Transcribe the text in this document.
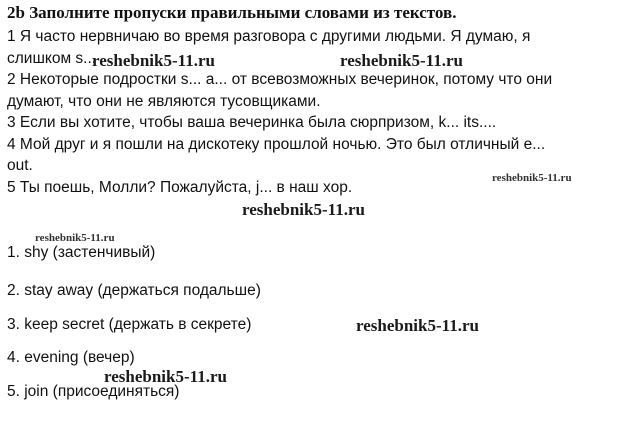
2b Заполните пропуски правильными словами из текстов.
1 Я часто нервничаю во время разговора с другими людьми. Я думаю, я
слишком s...
2 Некоторые подростки s... a... от всевозможных вечеринок, потому что они
думают, что они не являются тусовщиками.
3 Если вы хотите, чтобы ваша вечеринка была сюрпризом, k... its....
4 Мой друг и я пошли на дискотеку прошлой ночью. Это был отличный e...
out.
5 Ты поешь, Молли? Пожалуйста, j... в наш хор.
1. shy (застенчивый)
2. stay away (держаться подальше)
3. keep secret (держать в секрете)
4. evening (вечер)
5. join (присоединяться)
reshebnik5-11.ru	reshebnik5-11.ru
reshebnik5-11.ru
reshebnik5-11.ru
reshebnik5-11.ru
reshebnik5-11.ru
reshebnik5-11.ru
